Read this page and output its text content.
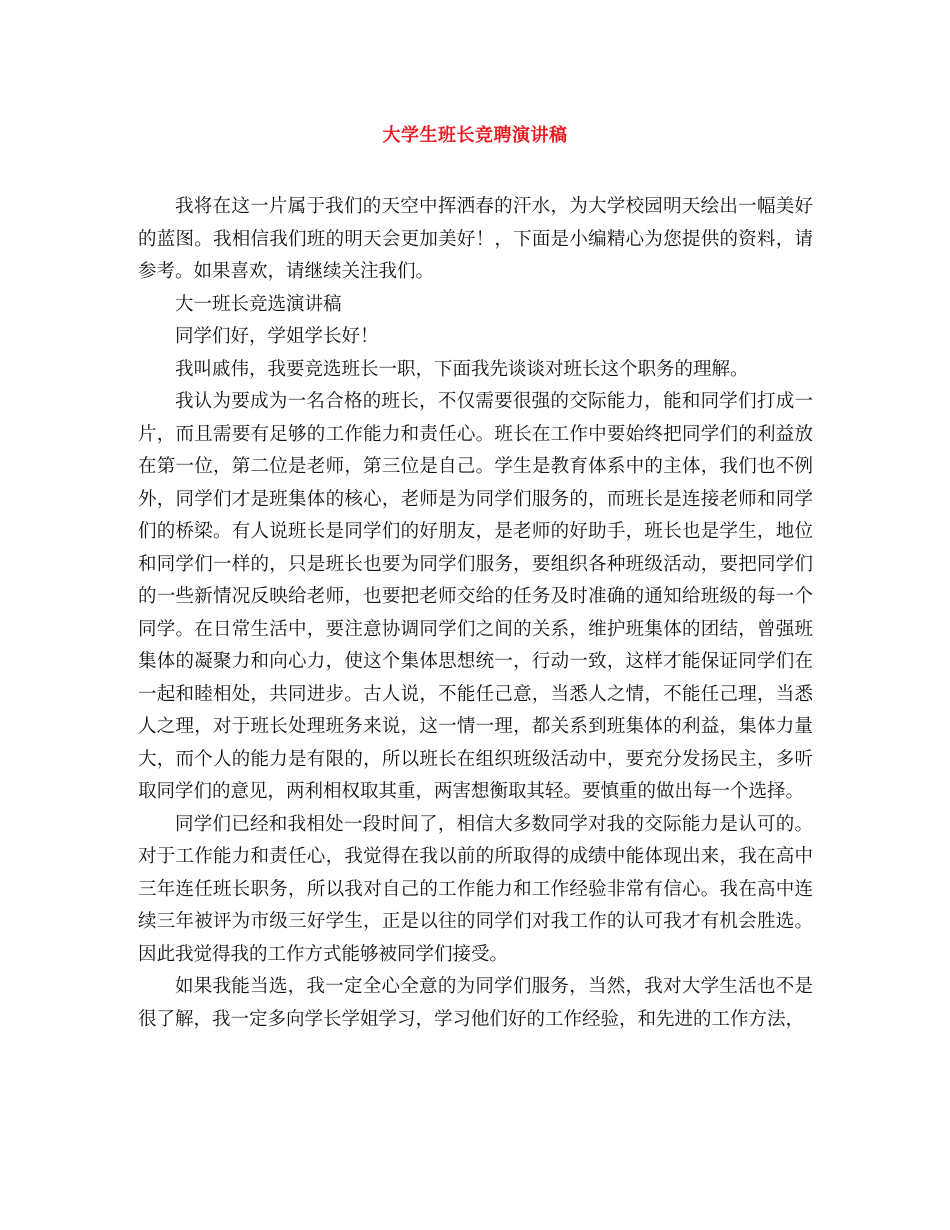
大学生班长竞聘演讲稿

我将在这一片属于我们的天空中挥洒春的汗水，为大学校园明天绘出一幅美好的蓝图。我相信我们班的明天会更加美好！，下面是小编精心为您提供的资料，请参考。如果喜欢，请继续关注我们。

大一班长竞选演讲稿

同学们好，学姐学长好！

我叫戚伟，我要竞选班长一职，下面我先谈谈对班长这个职务的理解。

我认为要成为一名合格的班长，不仅需要很强的交际能力，能和同学们打成一片，而且需要有足够的工作能力和责任心。班长在工作中要始终把同学们的利益放在第一位，第二位是老师，第三位是自己。学生是教育体系中的主体，我们也不例外，同学们才是班集体的核心，老师是为同学们服务的，而班长是连接老师和同学们的桥梁。有人说班长是同学们的好朋友，是老师的好助手，班长也是学生，地位和同学们一样的，只是班长也要为同学们服务，要组织各种班级活动，要把同学们的一些新情况反映给老师，也要把老师交给的任务及时准确的通知给班级的每一个同学。在日常生活中，要注意协调同学们之间的关系，维护班集体的团结，曾强班集体的凝聚力和向心力，使这个集体思想统一，行动一致，这样才能保证同学们在一起和睦相处，共同进步。古人说，不能任己意，当悉人之情，不能任己理，当悉人之理，对于班长处理班务来说，这一情一理，都关系到班集体的利益，集体力量大，而个人的能力是有限的，所以班长在组织班级活动中，要充分发扬民主，多听取同学们的意见，两利相权取其重，两害想衡取其轻。要慎重的做出每一个选择。

同学们已经和我相处一段时间了，相信大多数同学对我的交际能力是认可的。对于工作能力和责任心，我觉得在我以前的所取得的成绩中能体现出来，我在高中三年连任班长职务，所以我对自己的工作能力和工作经验非常有信心。我在高中连续三年被评为市级三好学生，正是以往的同学们对我工作的认可我才有机会胜选。因此我觉得我的工作方式能够被同学们接受。

如果我能当选，我一定全心全意的为同学们服务，当然，我对大学生活也不是很了解，我一定多向学长学姐学习，学习他们好的工作经验，和先进的工作方法，
